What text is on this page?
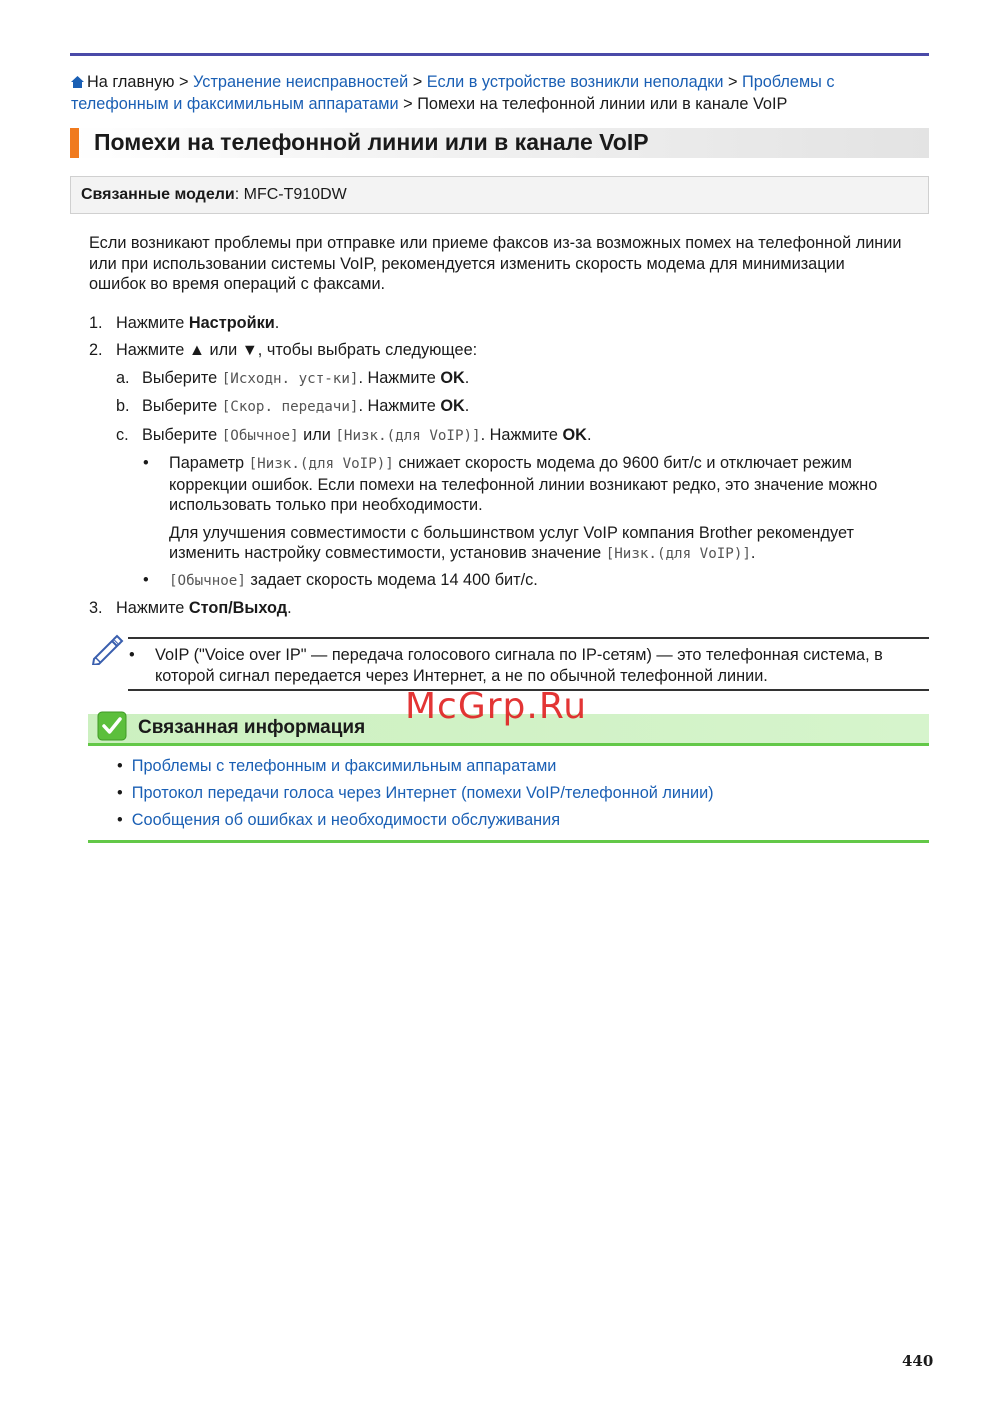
На главную > Устранение неисправностей > Если в устройстве возникли неполадки > Проблемы с
телефонным и факсимильным аппаратами > Помехи на телефонной линии или в канале VoIP
Помехи на телефонной линии или в канале VoIP
Связанные модели: MFC-T910DW
Если возникают проблемы при отправке или приеме факсов из-за возможных помех на телефонной линии
или при использовании системы VoIP, рекомендуется изменить скорость модема для минимизации
ошибок во время операций с факсами.
1. Нажмите Настройки.
2. Нажмите ▲ или ▼, чтобы выбрать следующее:
a. Выберите [Исходн. уст-ки]. Нажмите OK.
b. Выберите [Скор. передачи]. Нажмите OK.
c. Выберите [Обычное] или [Низк.(для VoIP)]. Нажмите OK.
• Параметр [Низк.(для VoIP)] снижает скорость модема до 9600 бит/с и отключает режим
коррекции ошибок. Если помехи на телефонной линии возникают редко, это значение можно
использовать только при необходимости.
Для улучшения совместимости с большинством услуг VoIP компания Brother рекомендует
изменить настройку совместимости, установив значение [Низк.(для VoIP)].
• [Обычное] задает скорость модема 14 400 бит/с.
3. Нажмите Стоп/Выход.
• VoIP ("Voice over IP" — передача голосового сигнала по IP-сетям) — это телефонная система, в
которой сигнал передается через Интернет, а не по обычной телефонной линии.
Связанная информация
• Проблемы с телефонным и факсимильным аппаратами
• Протокол передачи голоса через Интернет (помехи VoIP/телефонной линии)
• Сообщения об ошибках и необходимости обслуживания
McGrp.Ru
440
